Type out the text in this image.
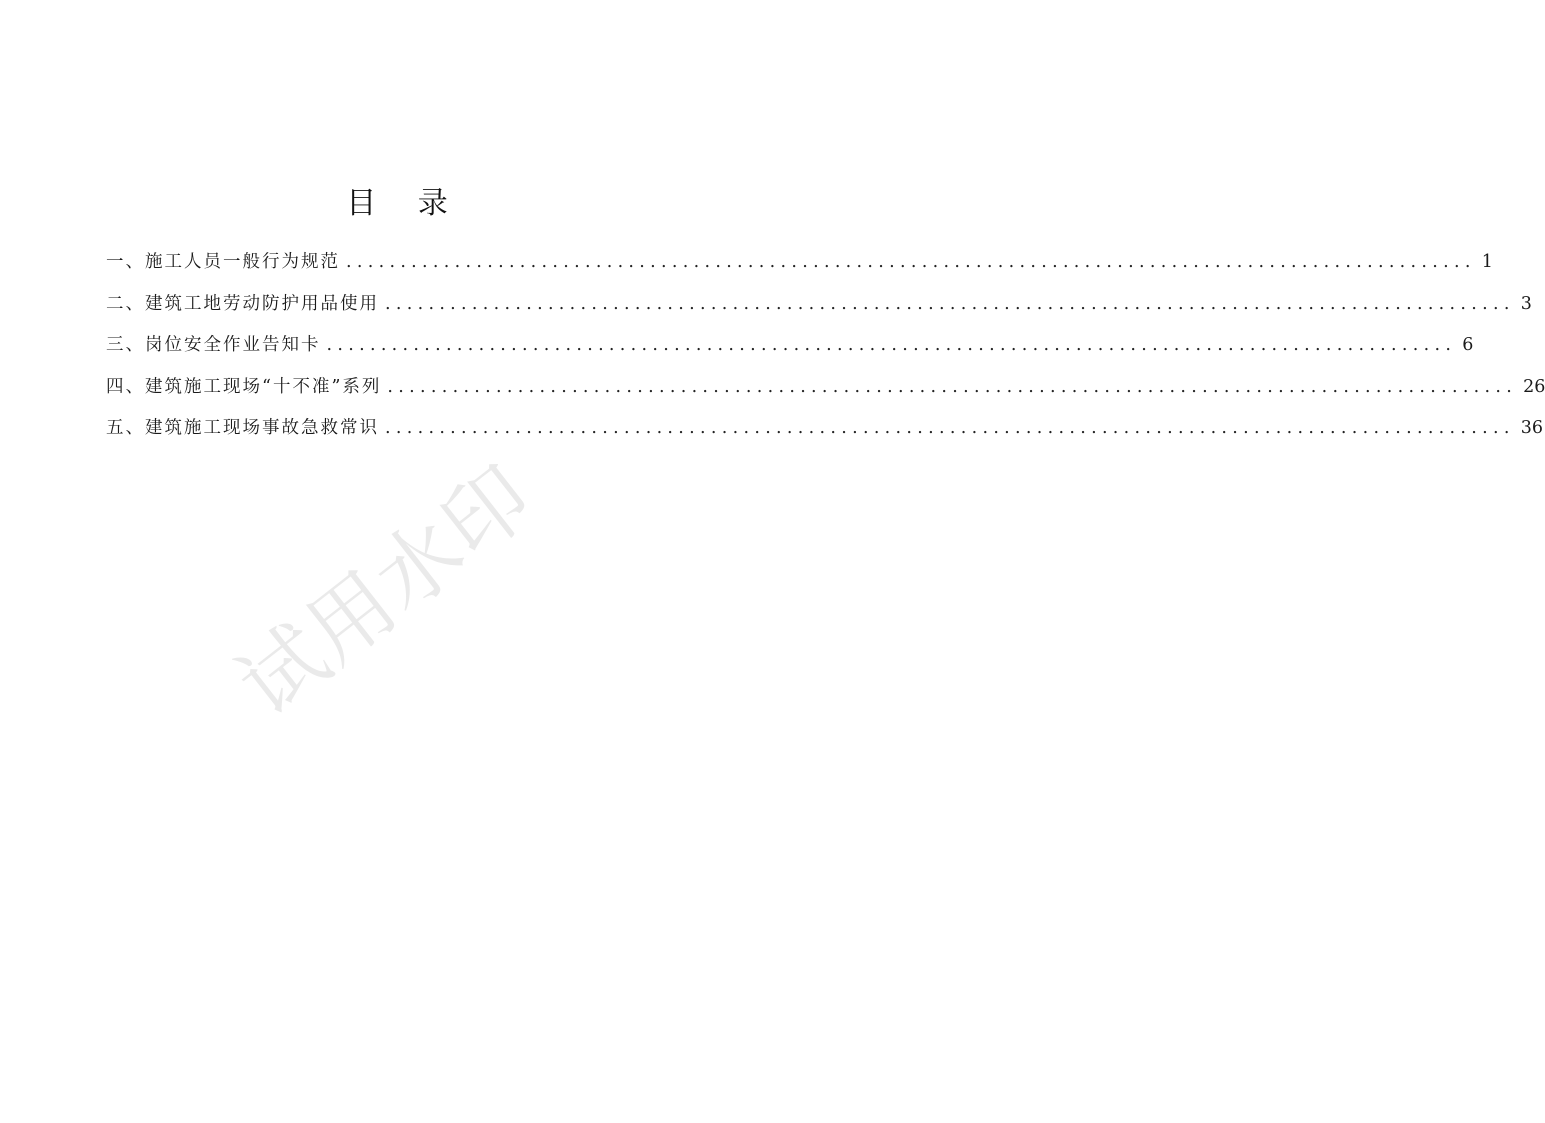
目 录
一、施工人员一般行为规范 ........................................................................................................ 1
二、建筑工地劳动防护用品使用 ........................................................................................................ 3
三、岗位安全作业告知卡 ........................................................................................................ 6
四、建筑施工现场“十不准”系列 ........................................................................................................ 26
五、建筑施工现场事故急救常识 ........................................................................................................ 36
试用水印
